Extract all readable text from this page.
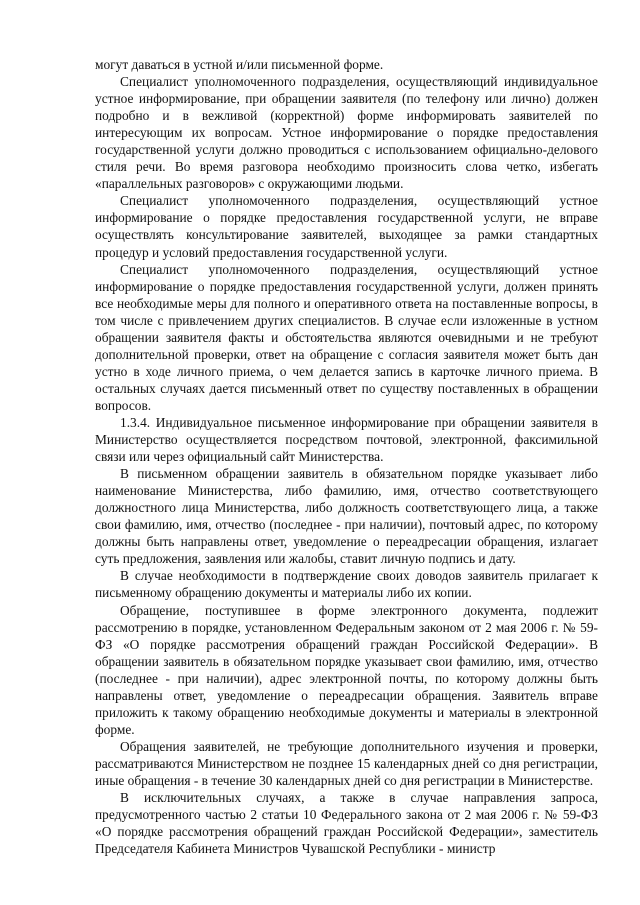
могут даваться в устной и/или письменной форме.

Специалист уполномоченного подразделения, осуществляющий индивидуальное устное информирование, при обращении заявителя (по телефону или лично) должен подробно и в вежливой (корректной) форме информировать заявителей по интересующим их вопросам. Устное информирование о порядке предоставления государственной услуги должно проводиться с использованием официально-делового стиля речи. Во время разговора необходимо произносить слова четко, избегать «параллельных разговоров» с окружающими людьми.

Специалист уполномоченного подразделения, осуществляющий устное информирование о порядке предоставления государственной услуги, не вправе осуществлять консультирование заявителей, выходящее за рамки стандартных процедур и условий предоставления государственной услуги.

Специалист уполномоченного подразделения, осуществляющий устное информирование о порядке предоставления государственной услуги, должен принять все необходимые меры для полного и оперативного ответа на поставленные вопросы, в том числе с привлечением других специалистов. В случае если изложенные в устном обращении заявителя факты и обстоятельства являются очевидными и не требуют дополнительной проверки, ответ на обращение с согласия заявителя может быть дан устно в ходе личного приема, о чем делается запись в карточке личного приема. В остальных случаях дается письменный ответ по существу поставленных в обращении вопросов.

1.3.4. Индивидуальное письменное информирование при обращении заявителя в Министерство осуществляется посредством почтовой, электронной, факсимильной связи или через официальный сайт Министерства.

В письменном обращении заявитель в обязательном порядке указывает либо наименование Министерства, либо фамилию, имя, отчество соответствующего должностного лица Министерства, либо должность соответствующего лица, а также свои фамилию, имя, отчество (последнее - при наличии), почтовый адрес, по которому должны быть направлены ответ, уведомление о переадресации обращения, излагает суть предложения, заявления или жалобы, ставит личную подпись и дату.

В случае необходимости в подтверждение своих доводов заявитель прилагает к письменному обращению документы и материалы либо их копии.

Обращение, поступившее в форме электронного документа, подлежит рассмотрению в порядке, установленном Федеральным законом от 2 мая 2006 г. № 59-ФЗ «О порядке рассмотрения обращений граждан Российской Федерации». В обращении заявитель в обязательном порядке указывает свои фамилию, имя, отчество (последнее - при наличии), адрес электронной почты, по которому должны быть направлены ответ, уведомление о переадресации обращения. Заявитель вправе приложить к такому обращению необходимые документы и материалы в электронной форме.

Обращения заявителей, не требующие дополнительного изучения и проверки, рассматриваются Министерством не позднее 15 календарных дней со дня регистрации, иные обращения - в течение 30 календарных дней со дня регистрации в Министерстве.

В исключительных случаях, а также в случае направления запроса, предусмотренного частью 2 статьи 10 Федерального закона от 2 мая 2006 г. № 59-ФЗ «О порядке рассмотрения обращений граждан Российской Федерации», заместитель Председателя Кабинета Министров Чувашской Республики - министр
